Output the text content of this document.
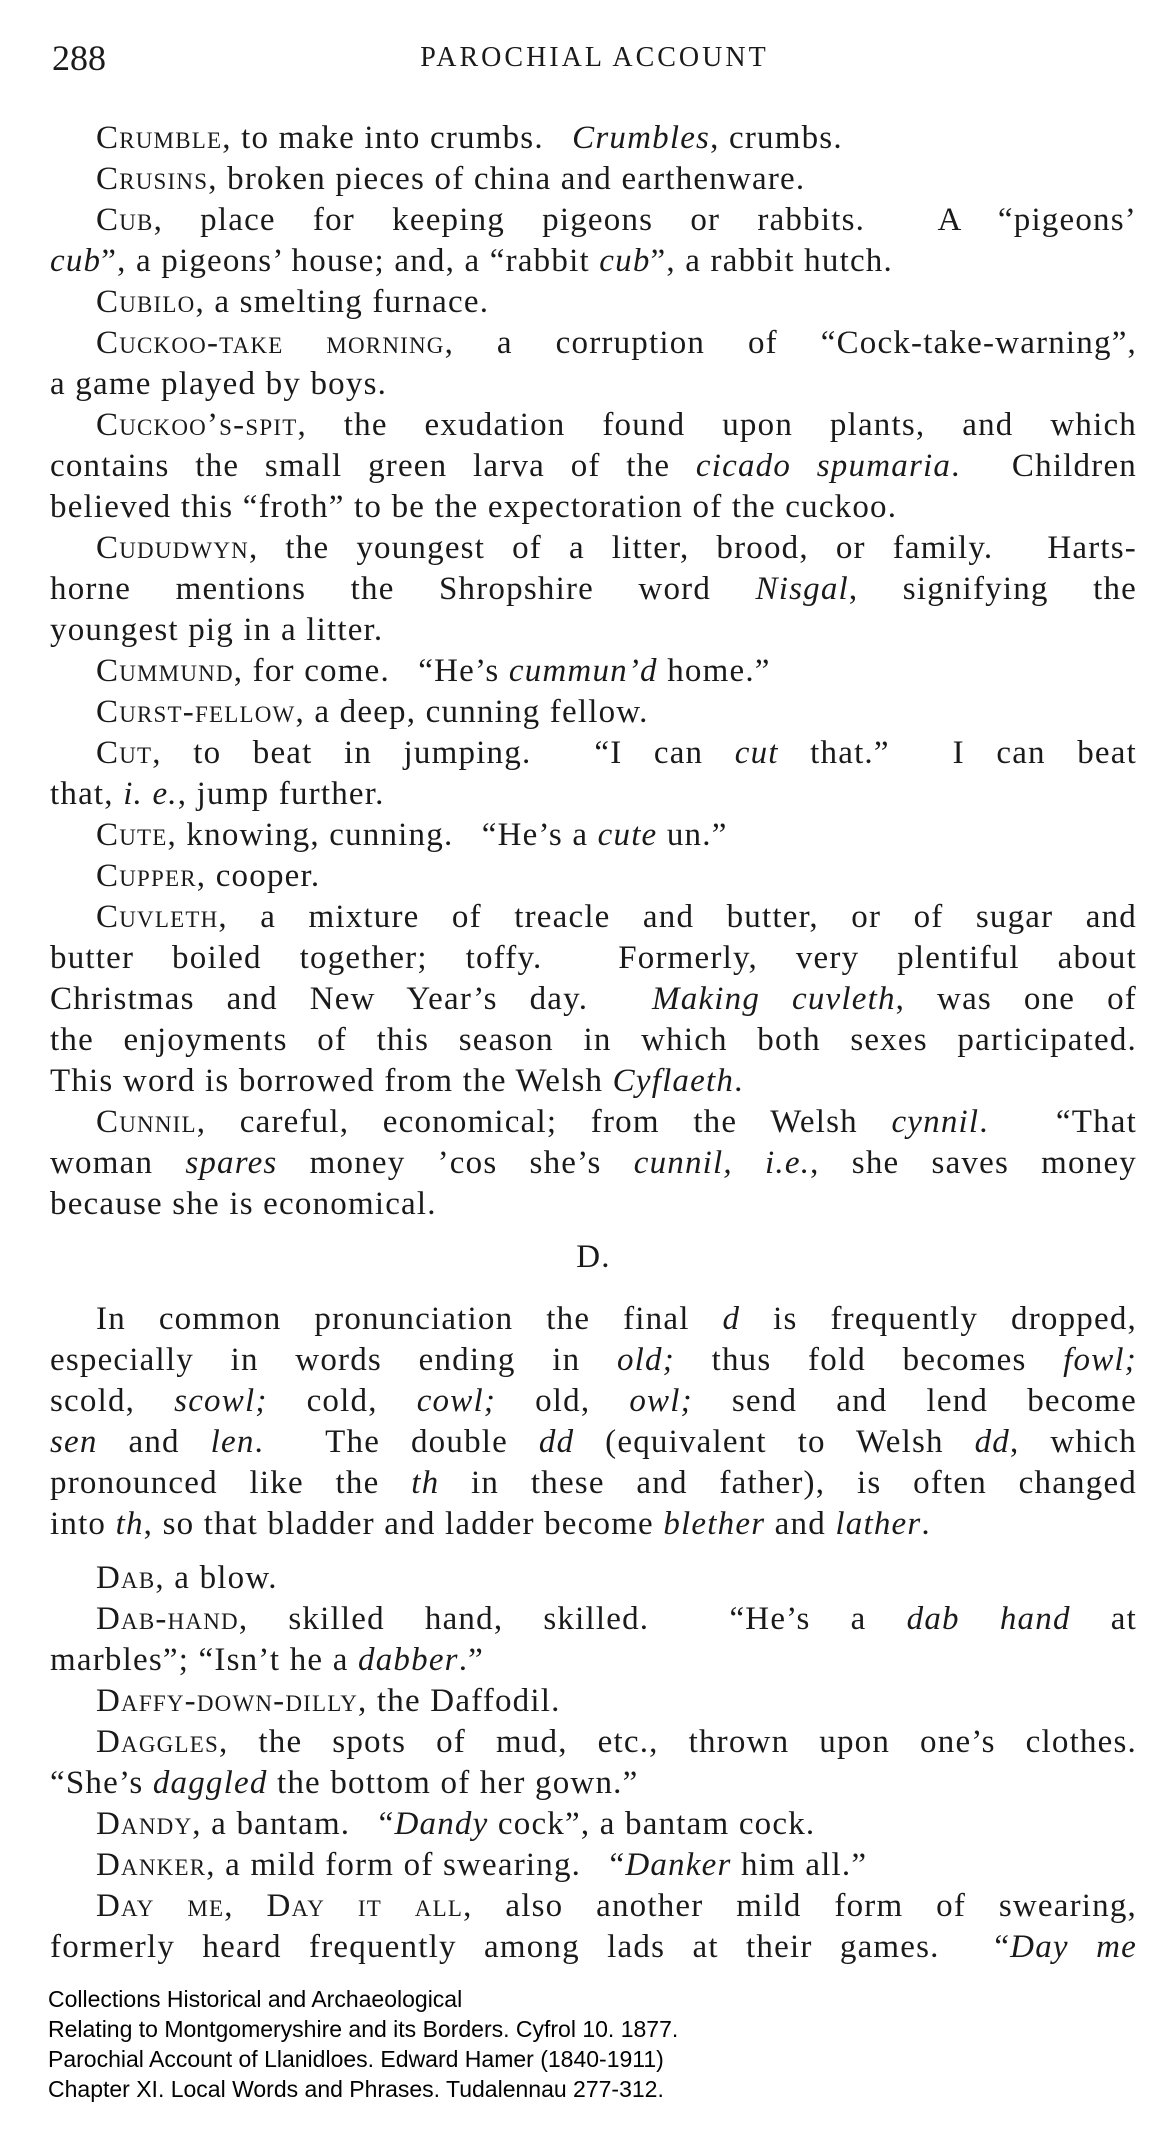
288	PAROCHIAL ACCOUNT
Crumble, to make into crumbs.   Crumbles, crumbs.
Crusins, broken pieces of china and earthenware.
Cub, place for keeping pigeons or rabbits.  A “pigeons’
cub”, a pigeons’ house; and, a “rabbit cub”, a rabbit hutch.
Cubilo, a smelting furnace.
Cuckoo-take morning, a corruption of “Cock-take-warning”,
a game played by boys.
Cuckoo’s-spit, the exudation found upon plants, and which
contains the small green larva of the cicado spumaria.  Children
believed this “froth” to be the expectoration of the cuckoo.
Cududwyn, the youngest of a litter, brood, or family.  Harts-
horne mentions the Shropshire word Nisgal, signifying the
youngest pig in a litter.
Cummund, for come.   “He’s cummun’d home.”
Curst-fellow, a deep, cunning fellow.
Cut, to beat in jumping.  “I can cut that.”  I can beat
that, i. e., jump further.
Cute, knowing, cunning.   “He’s a cute un.”
Cupper, cooper.
Cuvleth, a mixture of treacle and butter, or of sugar and
butter boiled together; toffy.  Formerly, very plentiful about
Christmas and New Year’s day.  Making cuvleth, was one of
the enjoyments of this season in which both sexes participated.
This word is borrowed from the Welsh Cyflaeth.
Cunnil, careful, economical; from the Welsh cynnil.  “That
woman spares money ’cos she’s cunnil, i.e., she saves money
because she is economical.
D.
In common pronunciation the final d is frequently dropped,
especially in words ending in old; thus fold becomes fowl;
scold, scowl; cold, cowl; old, owl; send and lend become
sen and len.  The double dd (equivalent to Welsh dd, which
pronounced like the th in these and father), is often changed
into th, so that bladder and ladder become blether and lather.
Dab, a blow.
Dab-hand, skilled hand, skilled.  “He’s a dab hand at
marbles”; “Isn’t he a dabber.”
Daffy-down-dilly, the Daffodil.
Daggles, the spots of mud, etc., thrown upon one’s clothes.
“She’s daggled the bottom of her gown.”
Dandy, a bantam.   “Dandy cock”, a bantam cock.
Danker, a mild form of swearing.   “Danker him all.”
Day me, Day it all, also another mild form of swearing,
formerly heard frequently among lads at their games.  “Day me
Collections Historical and Archaeological
Relating to Montgomeryshire and its Borders. Cyfrol 10. 1877.
Parochial Account of Llanidloes. Edward Hamer (1840-1911)
Chapter XI. Local Words and Phrases. Tudalennau 277-312.
